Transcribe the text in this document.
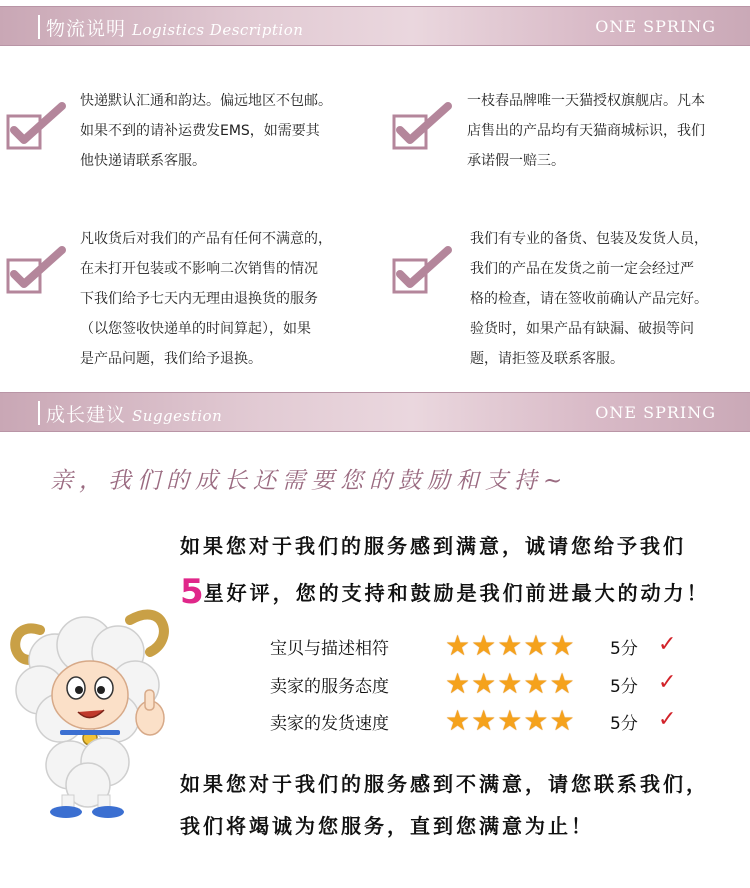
物流说明 Logistics Description	ONE SPRING
快递默认汇通和韵达。偏远地区不包邮。
如果不到的请补运费发EMS，如需要其
他快递请联系客服。
一枝春品牌唯一天猫授权旗舰店。凡本
店售出的产品均有天猫商城标识，我们
承诺假一赔三。
凡收货后对我们的产品有任何不满意的，
在未打开包装或不影响二次销售的情况
下我们给予七天内无理由退换货的服务
（以您签收快递单的时间算起），如果
是产品问题，我们给予退换。
我们有专业的备货、包装及发货人员，
我们的产品在发货之前一定会经过严
格的检查，请在签收前确认产品完好。
验货时，如果产品有缺漏、破损等问
题，请拒签及联系客服。
成长建议 Suggestion	ONE SPRING
亲，我们的成长还需要您的鼓励和支持~
如果您对于我们的服务感到满意，诚请您给予我们
5星好评，您的支持和鼓励是我们前进最大的动力！
宝贝与描述相符 ★ ★ ★ ★ ★ 5分 ✓
卖家的服务态度 ★ ★ ★ ★ ★ 5分 ✓
卖家的发货速度 ★ ★ ★ ★ ★ 5分 ✓
如果您对于我们的服务感到不满意，请您联系我们，
我们将竭诚为您服务，直到您满意为止！
